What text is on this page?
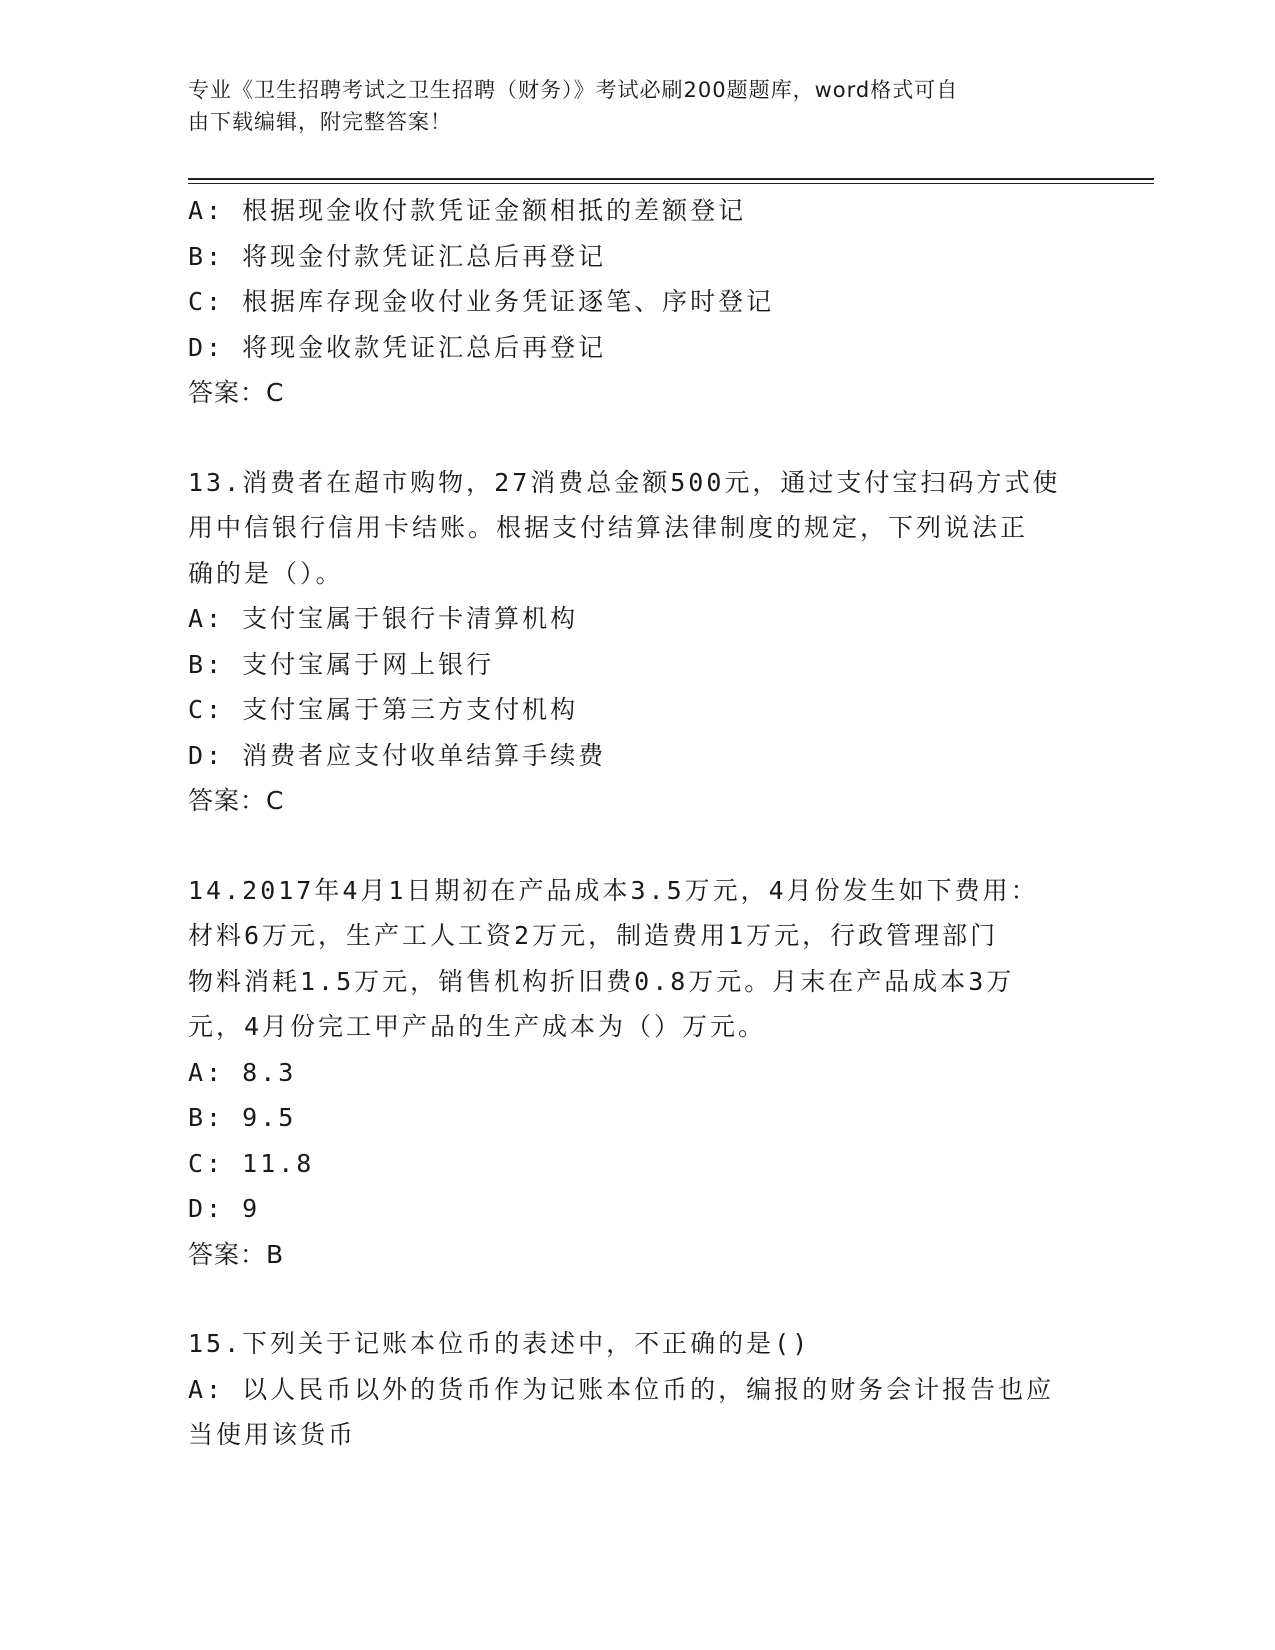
专业《卫生招聘考试之卫生招聘（财务）》考试必刷200题题库，word格式可自
由下载编辑，附完整答案！
A: 根据现金收付款凭证金额相抵的差额登记
B: 将现金付款凭证汇总后再登记
C: 根据库存现金收付业务凭证逐笔、序时登记
D: 将现金收款凭证汇总后再登记
答案：C
13.消费者在超市购物，27消费总金额500元，通过支付宝扫码方式使
用中信银行信用卡结账。根据支付结算法律制度的规定，下列说法正
确的是（）。
A: 支付宝属于银行卡清算机构
B: 支付宝属于网上银行
C: 支付宝属于第三方支付机构
D: 消费者应支付收单结算手续费
答案：C
14.2017年4月1日期初在产品成本3.5万元，4月份发生如下费用：
材料6万元，生产工人工资2万元，制造费用1万元，行政管理部门
物料消耗1.5万元，销售机构折旧费0.8万元。月末在产品成本3万
元，4月份完工甲产品的生产成本为（）万元。
A: 8.3
B: 9.5
C: 11.8
D: 9
答案：B
15.下列关于记账本位币的表述中，不正确的是()
A: 以人民币以外的货币作为记账本位币的，编报的财务会计报告也应
当使用该货币
